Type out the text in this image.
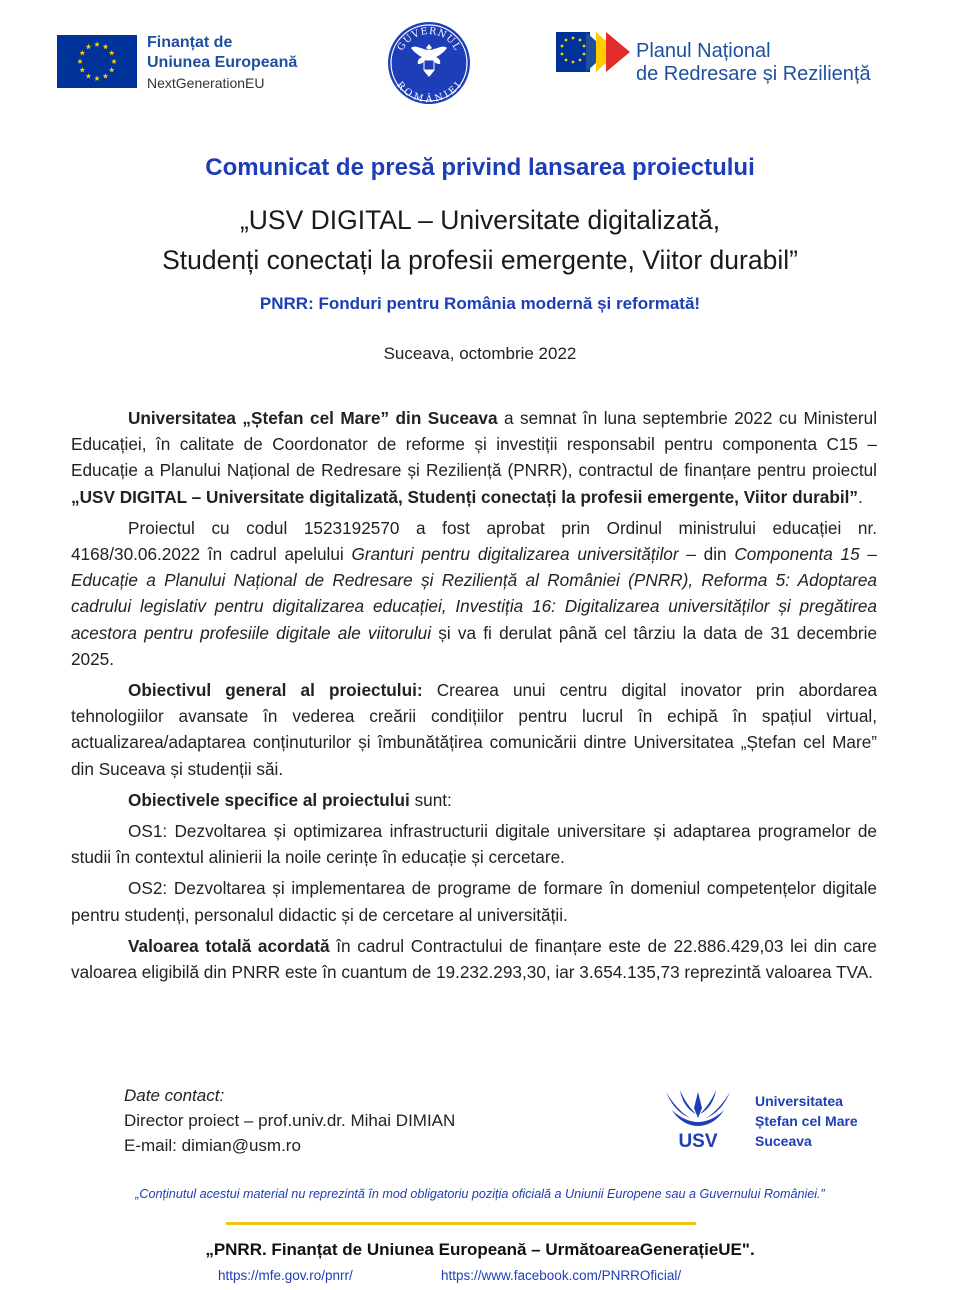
Finanțat de
Uniunea Europeană
NextGenerationEU
GUVERNUL
ROMÂNIEI
Planul Național
de Redresare și Reziliență
Comunicat de presă privind lansarea proiectului
„USV DIGITAL – Universitate digitalizată,
Studenți conectați la profesii emergente, Viitor durabil”
PNRR: Fonduri pentru România modernă și reformată!
Suceava, octombrie 2022

Universitatea „Ștefan cel Mare” din Suceava a semnat în luna septembrie 2022 cu Ministerul Educației, în calitate de Coordonator de reforme și investiții responsabil pentru componenta C15 – Educație a Planului Național de Redresare și Reziliență (PNRR), contractul de finanțare pentru proiectul „USV DIGITAL – Universitate digitalizată, Studenți conectați la profesii emergente, Viitor durabil”.

Proiectul cu codul 1523192570 a fost aprobat prin Ordinul ministrului educației nr. 4168/30.06.2022 în cadrul apelului Granturi pentru digitalizarea universităților – din Componenta 15 – Educație a Planului Național de Redresare și Reziliență al României (PNRR), Reforma 5: Adoptarea cadrului legislativ pentru digitalizarea educației, Investiția 16: Digitalizarea universităților și pregătirea acestora pentru profesiile digitale ale viitorului și va fi derulat până cel târziu la data de 31 decembrie 2025.

Obiectivul general al proiectului: Crearea unui centru digital inovator prin abordarea tehnologiilor avansate în vederea creării condițiilor pentru lucrul în echipă în spațiul virtual, actualizarea/adaptarea conținuturilor și îmbunătățirea comunicării dintre Universitatea „Ștefan cel Mare” din Suceava și studenții săi.

Obiectivele specifice al proiectului sunt:

OS1: Dezvoltarea și optimizarea infrastructurii digitale universitare și adaptarea programelor de studii în contextul alinierii la noile cerințe în educație și cercetare.

OS2: Dezvoltarea și implementarea de programe de formare în domeniul competențelor digitale pentru studenți, personalul didactic și de cercetare al universității.

Valoarea totală acordată în cadrul Contractului de finanțare este de 22.886.429,03 lei din care valoarea eligibilă din PNRR este în cuantum de 19.232.293,30, iar 3.654.135,73 reprezintă valoarea TVA.

Date contact:
Director proiect – prof.univ.dr. Mihai DIMIAN
E-mail: dimian@usm.ro	USV
Universitatea
Ștefan cel Mare
Suceava
„Conținutul acestui material nu reprezintă în mod obligatoriu poziția oficială a Uniunii Europene sau a Guvernului României.”
„PNRR. Finanțat de Uniunea Europeană – UrmătoareaGenerațieUE".
https://mfe.gov.ro/pnrr/	https://www.facebook.com/PNRROficial/
